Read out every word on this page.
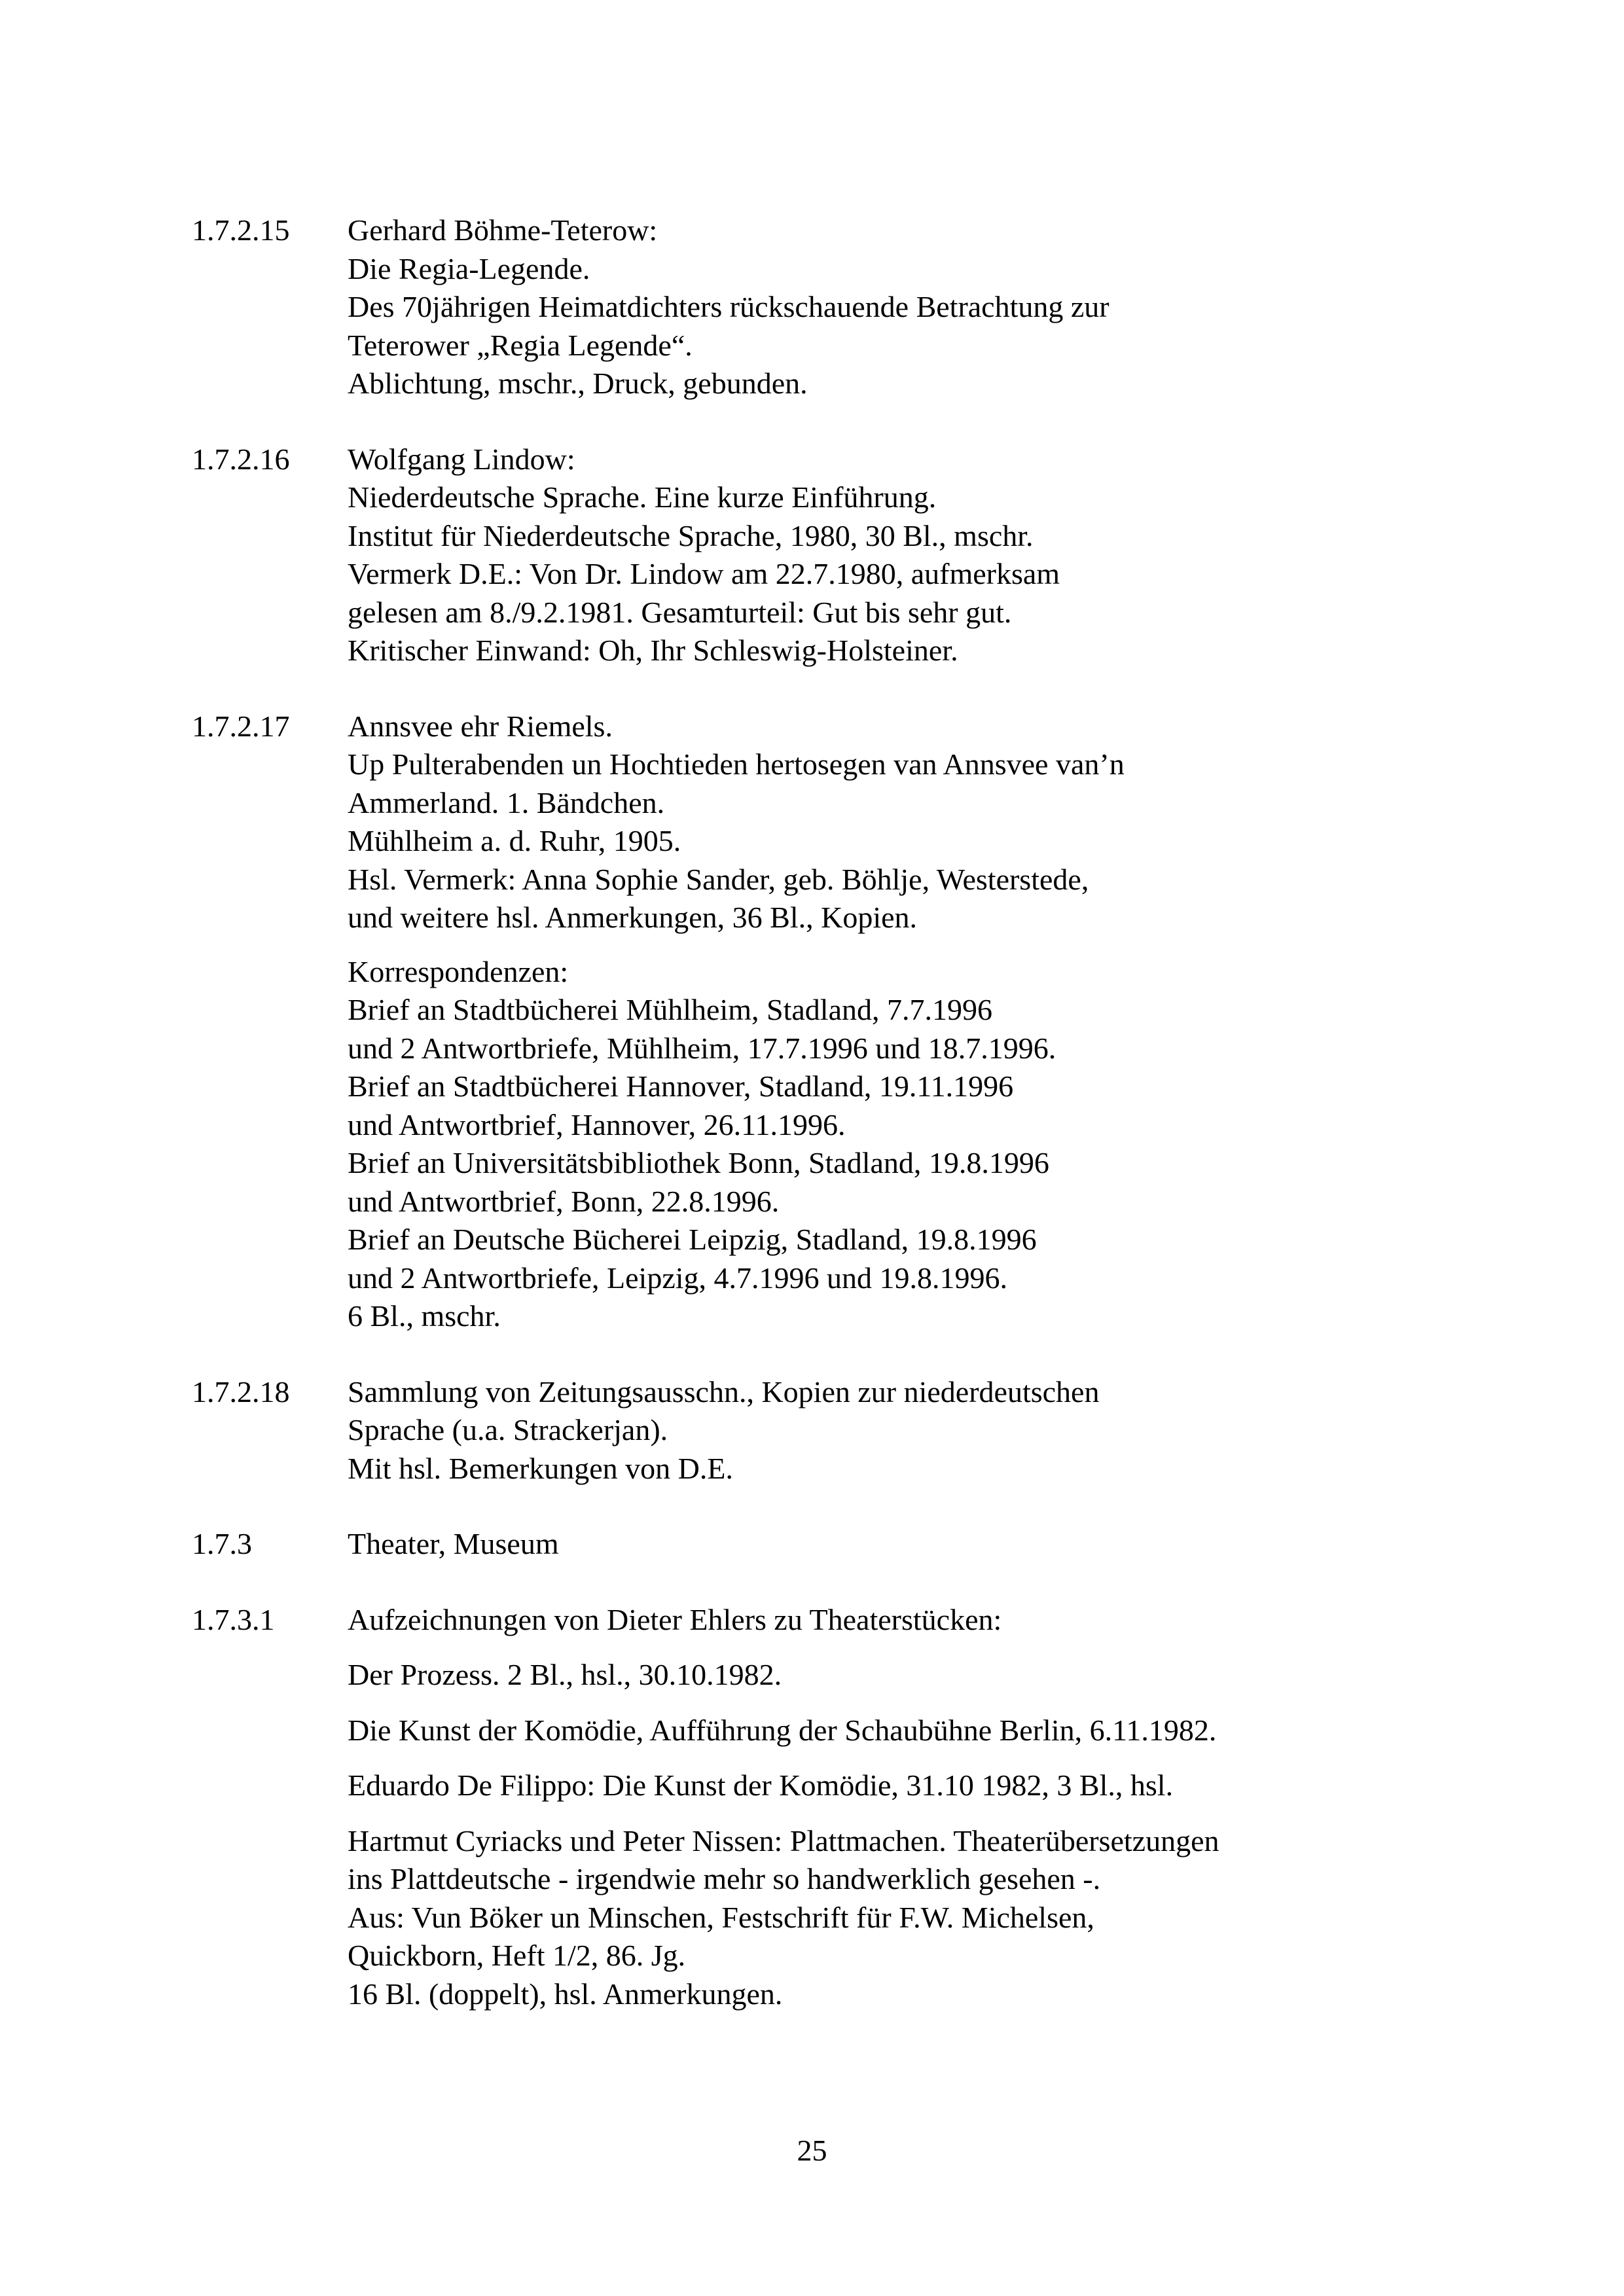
1.7.2.15	Gerhard Böhme-Teterow:
Die Regia-Legende.
Des 70jährigen Heimatdichters rückschauende Betrachtung zur
Teterower „Regia Legende“.
Ablichtung, mschr., Druck, gebunden.
1.7.2.16	Wolfgang Lindow:
Niederdeutsche Sprache. Eine kurze Einführung.
Institut für Niederdeutsche Sprache, 1980, 30 Bl., mschr.
Vermerk D.E.: Von Dr. Lindow am 22.7.1980, aufmerksam
gelesen am 8./9.2.1981. Gesamturteil: Gut bis sehr gut.
Kritischer Einwand: Oh, Ihr Schleswig-Holsteiner.
1.7.2.17	Annsvee ehr Riemels.
Up Pulterabenden un Hochtieden hertosegen van Annsvee van’n
Ammerland. 1. Bändchen.
Mühlheim a. d. Ruhr, 1905.
Hsl. Vermerk: Anna Sophie Sander, geb. Böhlje, Westerstede,
und weitere hsl. Anmerkungen, 36 Bl., Kopien.
Korrespondenzen:
Brief an Stadtbücherei Mühlheim, Stadland, 7.7.1996
und 2 Antwortbriefe, Mühlheim, 17.7.1996 und 18.7.1996.
Brief an Stadtbücherei Hannover, Stadland, 19.11.1996
und Antwortbrief, Hannover, 26.11.1996.
Brief an Universitätsbibliothek Bonn, Stadland, 19.8.1996
und Antwortbrief, Bonn, 22.8.1996.
Brief an Deutsche Bücherei Leipzig, Stadland, 19.8.1996
und 2 Antwortbriefe, Leipzig, 4.7.1996 und 19.8.1996.
6 Bl., mschr.
1.7.2.18	Sammlung von Zeitungsausschn., Kopien zur niederdeutschen
Sprache (u.a. Strackerjan).
Mit hsl. Bemerkungen von D.E.
1.7.3	Theater, Museum
1.7.3.1	Aufzeichnungen von Dieter Ehlers zu Theaterstücken:
Der Prozess. 2 Bl., hsl., 30.10.1982.
Die Kunst der Komödie, Aufführung der Schaubühne Berlin, 6.11.1982.
Eduardo De Filippo: Die Kunst der Komödie, 31.10 1982, 3 Bl., hsl.
Hartmut Cyriacks und Peter Nissen: Plattmachen. Theaterübersetzungen
ins Plattdeutsche - irgendwie mehr so handwerklich gesehen -.
Aus: Vun Böker un Minschen, Festschrift für F.W. Michelsen,
Quickborn, Heft 1/2, 86. Jg.
16 Bl. (doppelt), hsl. Anmerkungen.
25
